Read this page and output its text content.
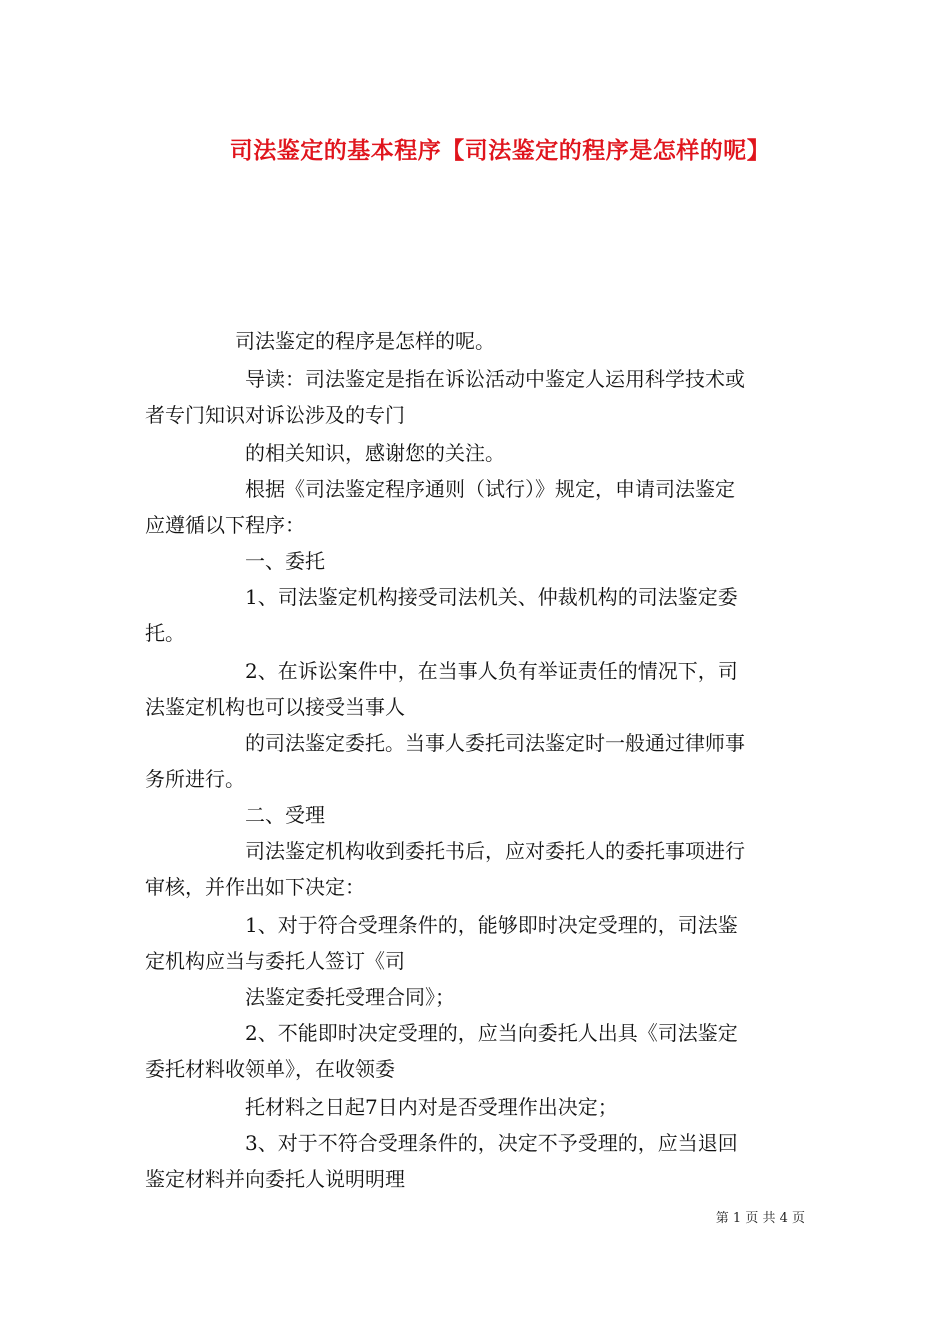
司法鉴定的基本程序【司法鉴定的程序是怎样的呢】
司法鉴定的程序是怎样的呢。
导读：司法鉴定是指在诉讼活动中鉴定人运用科学技术或
者专门知识对诉讼涉及的专门
的相关知识，感谢您的关注。
根据《司法鉴定程序通则（试行）》规定，申请司法鉴定
应遵循以下程序：
一、委托
1、司法鉴定机构接受司法机关、仲裁机构的司法鉴定委
托。
2、在诉讼案件中，在当事人负有举证责任的情况下，司
法鉴定机构也可以接受当事人
的司法鉴定委托。当事人委托司法鉴定时一般通过律师事
务所进行。
二、受理
司法鉴定机构收到委托书后，应对委托人的委托事项进行
审核，并作出如下决定：
1、对于符合受理条件的，能够即时决定受理的，司法鉴
定机构应当与委托人签订《司
法鉴定委托受理合同》；
2、不能即时决定受理的，应当向委托人出具《司法鉴定
委托材料收领单》，在收领委
托材料之日起7日内对是否受理作出决定；
3、对于不符合受理条件的，决定不予受理的，应当退回
鉴定材料并向委托人说明明理
第 1 页 共 4 页
